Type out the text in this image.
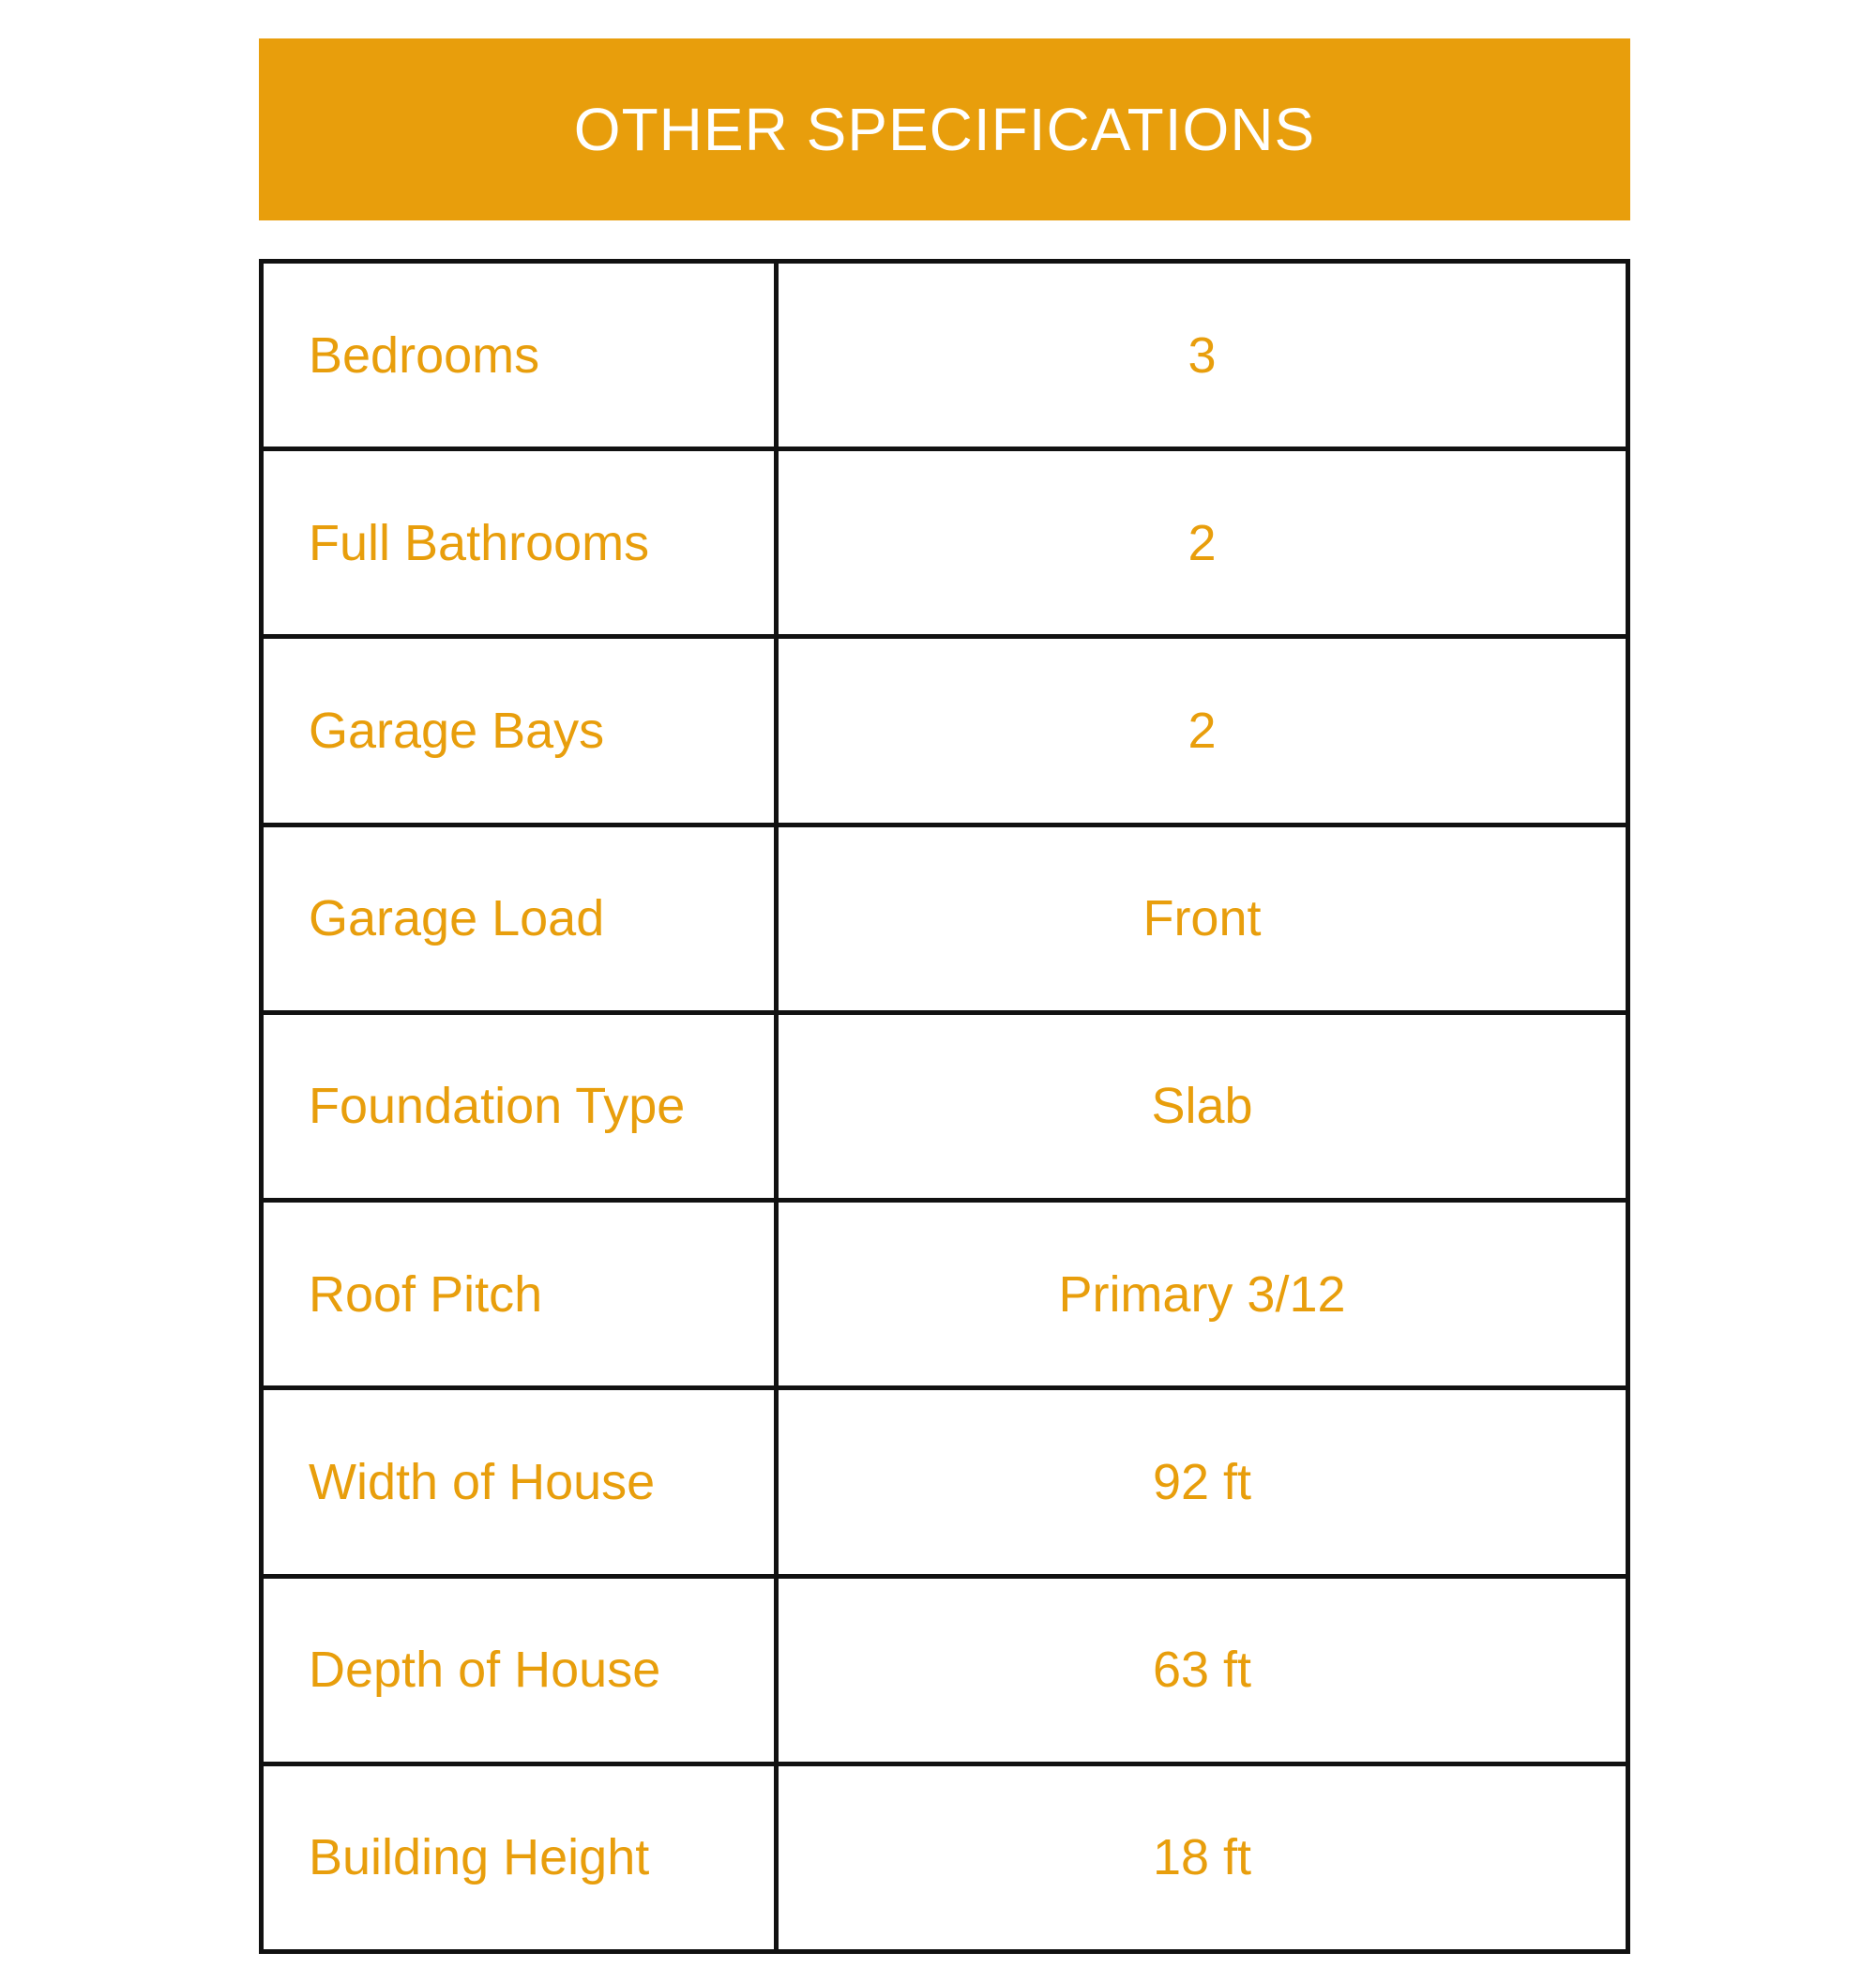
OTHER SPECIFICATIONS
Bedrooms	3
Full Bathrooms	2
Garage Bays	2
Garage Load	Front
Foundation Type	Slab
Roof Pitch	Primary 3/12
Width of House	92 ft
Depth of House	63 ft
Building Height	18 ft
